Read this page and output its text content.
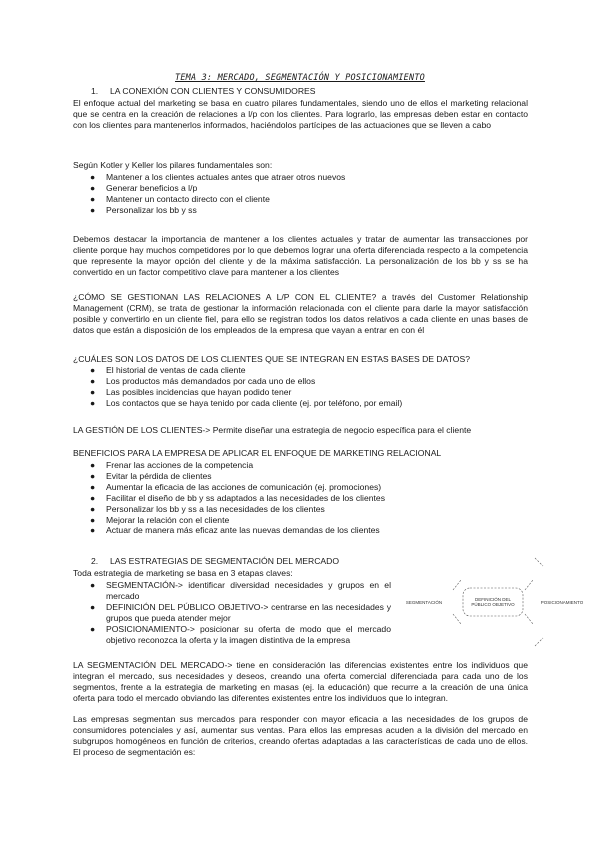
TEMA 3: MERCADO, SEGMENTACIÓN Y POSICIONAMIENTO
1. LA CONEXIÓN CON CLIENTES Y CONSUMIDORES
El enfoque actual del marketing se basa en cuatro pilares fundamentales, siendo uno de ellos el marketing relacional que se centra en la creación de relaciones a l/p con los clientes. Para lograrlo, las empresas deben estar en contacto con los clientes para mantenerlos informados, haciéndolos partícipes de las actuaciones que se lleven a cabo
Según Kotler y Keller los pilares fundamentales son:
● Mantener a los clientes actuales antes que atraer otros nuevos
● Generar beneficios a l/p
● Mantener un contacto directo con el cliente
● Personalizar los bb y ss
Debemos destacar la importancia de mantener a los clientes actuales y tratar de aumentar las transacciones por cliente porque hay muchos competidores por lo que debemos lograr una oferta diferenciada respecto a la competencia que represente la mayor opción del cliente y de la máxima satisfacción. La personalización de los bb y ss se ha convertido en un factor competitivo clave para mantener a los clientes
¿CÓMO SE GESTIONAN LAS RELACIONES A L/P CON EL CLIENTE? a través del Customer Relationship Management (CRM), se trata de gestionar la información relacionada con el cliente para darle la mayor satisfacción posible y convertirlo en un cliente fiel, para ello se registran todos los datos relativos a cada cliente en unas bases de datos que están a disposición de los empleados de la empresa que vayan a entrar en con él
¿CUÁLES SON LOS DATOS DE LOS CLIENTES QUE SE INTEGRAN EN ESTAS BASES DE DATOS?
● El historial de ventas de cada cliente
● Los productos más demandados por cada uno de ellos
● Las posibles incidencias que hayan podido tener
● Los contactos que se haya tenido por cada cliente (ej. por teléfono, por email)
LA GESTIÓN DE LOS CLIENTES-> Permite diseñar una estrategia de negocio específica para el cliente
BENEFICIOS PARA LA EMPRESA DE APLICAR EL ENFOQUE DE MARKETING RELACIONAL
● Frenar las acciones de la competencia
● Evitar la pérdida de clientes
● Aumentar la eficacia de las acciones de comunicación (ej. promociones)
● Facilitar el diseño de bb y ss adaptados a las necesidades de los clientes
● Personalizar los bb y ss a las necesidades de los clientes
● Mejorar la relación con el cliente
● Actuar de manera más eficaz ante las nuevas demandas de los clientes
2. LAS ESTRATEGIAS DE SEGMENTACIÓN DEL MERCADO
Toda estrategia de marketing se basa en 3 etapas claves:
● SEGMENTACIÓN-> identificar diversidad necesidades y grupos en el mercado
● DEFINICIÓN DEL PÚBLICO OBJETIVO-> centrarse en las necesidades y grupos que pueda atender mejor
● POSICIONAMIENTO-> posicionar su oferta de modo que el mercado objetivo reconozca la oferta y la imagen distintiva de la empresa
SEGMENTACIÓN	DEFINICIÓN DEL PÚBLICO OBJETIVO	POSICIONAMIENTO
LA SEGMENTACIÓN DEL MERCADO-> tiene en consideración las diferencias existentes entre los individuos que integran el mercado, sus necesidades y deseos, creando una oferta comercial diferenciada para cada uno de los segmentos, frente a la estrategia de marketing en masas (ej. la educación) que recurre a la creación de una única oferta para todo el mercado obviando las diferentes existentes entre los individuos que lo integran.
Las empresas segmentan sus mercados para responder con mayor eficacia a las necesidades de los grupos de consumidores potenciales y así, aumentar sus ventas. Para ellos las empresas acuden a la división del mercado en subgrupos homogéneos en función de criterios, creando ofertas adaptadas a las características de cada uno de ellos. El proceso de segmentación es:
